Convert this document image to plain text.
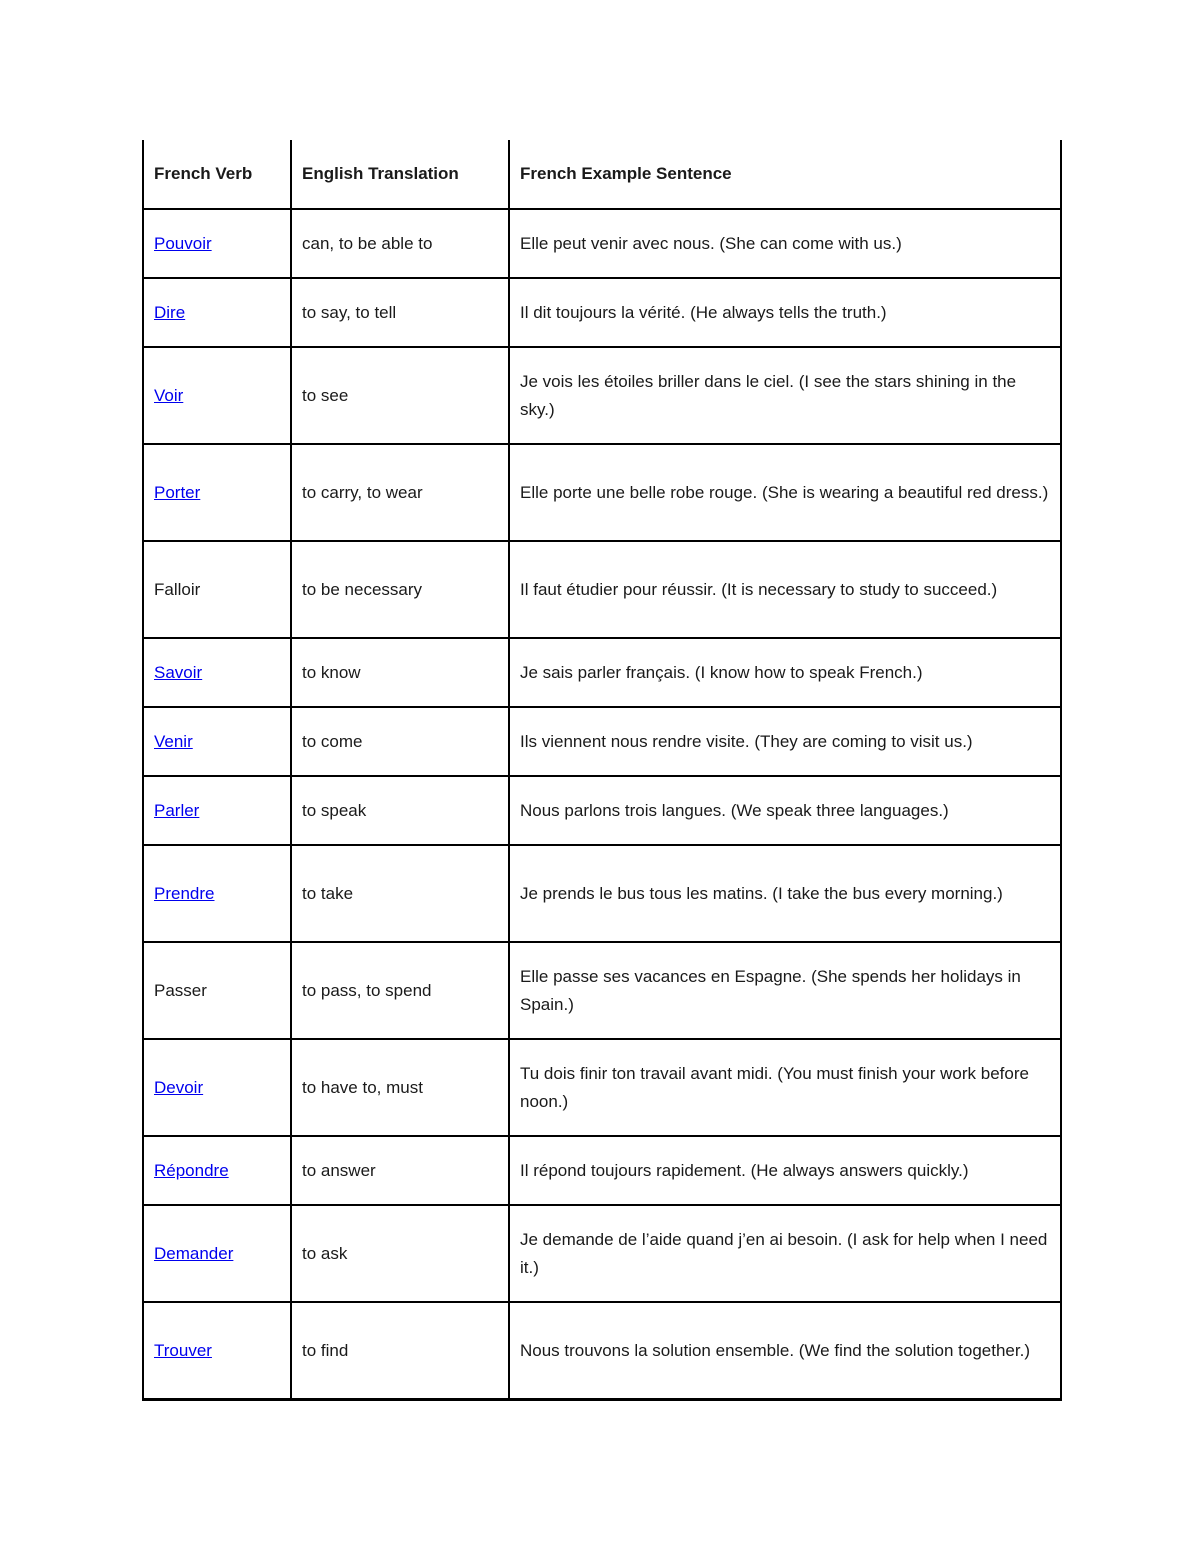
French Verb	English Translation	French Example Sentence
Pouvoir	can, to be able to	Elle peut venir avec nous. (She can come with us.)
Dire	to say, to tell	Il dit toujours la vérité. (He always tells the truth.)
Voir	to see	Je vois les étoiles briller dans le ciel. (I see the stars shining in the sky.)
Porter	to carry, to wear	Elle porte une belle robe rouge. (She is wearing a beautiful red dress.)
Falloir	to be necessary	Il faut étudier pour réussir. (It is necessary to study to succeed.)
Savoir	to know	Je sais parler français. (I know how to speak French.)
Venir	to come	Ils viennent nous rendre visite. (They are coming to visit us.)
Parler	to speak	Nous parlons trois langues. (We speak three languages.)
Prendre	to take	Je prends le bus tous les matins. (I take the bus every morning.)
Passer	to pass, to spend	Elle passe ses vacances en Espagne. (She spends her holidays in Spain.)
Devoir	to have to, must	Tu dois finir ton travail avant midi. (You must finish your work before noon.)
Répondre	to answer	Il répond toujours rapidement. (He always answers quickly.)
Demander	to ask	Je demande de l’aide quand j’en ai besoin. (I ask for help when I need it.)
Trouver	to find	Nous trouvons la solution ensemble. (We find the solution together.)
